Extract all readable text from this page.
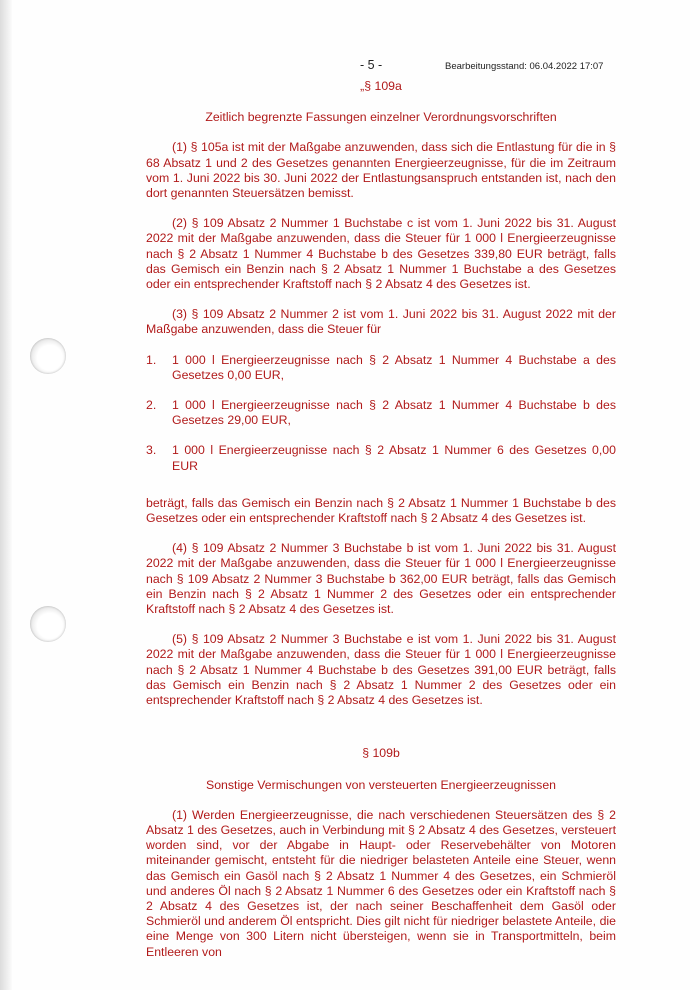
- 5 -	Bearbeitungsstand: 06.04.2022 17:07
„§ 109a
Zeitlich begrenzte Fassungen einzelner Verordnungsvorschriften

(1) § 105a ist mit der Maßgabe anzuwenden, dass sich die Entlastung für die in § 68 Absatz 1 und 2 des Gesetzes genannten Energieerzeugnisse, für die im Zeitraum vom 1. Juni 2022 bis 30. Juni 2022 der Entlastungsanspruch entstanden ist, nach den dort genannten Steuersätzen bemisst.

(2) § 109 Absatz 2 Nummer 1 Buchstabe c ist vom 1. Juni 2022 bis 31. August 2022 mit der Maßgabe anzuwenden, dass die Steuer für 1 000 l Energieerzeugnisse nach § 2 Absatz 1 Nummer 4 Buchstabe b des Gesetzes 339,80 EUR beträgt, falls das Gemisch ein Benzin nach § 2 Absatz 1 Nummer 1 Buchstabe a des Gesetzes oder ein entsprechender Kraftstoff nach § 2 Absatz 4 des Gesetzes ist.

(3) § 109 Absatz 2 Nummer 2 ist vom 1. Juni 2022 bis 31. August 2022 mit der Maßgabe anzuwenden, dass die Steuer für

1.	1 000 l Energieerzeugnisse nach § 2 Absatz 1 Nummer 4 Buchstabe a des Gesetzes 0,00 EUR,
2.	1 000 l Energieerzeugnisse nach § 2 Absatz 1 Nummer 4 Buchstabe b des Gesetzes 29,00 EUR,
3.	1 000 l Energieerzeugnisse nach § 2 Absatz 1 Nummer 6 des Gesetzes 0,00 EUR

beträgt, falls das Gemisch ein Benzin nach § 2 Absatz 1 Nummer 1 Buchstabe b des Gesetzes oder ein entsprechender Kraftstoff nach § 2 Absatz 4 des Gesetzes ist.

(4) § 109 Absatz 2 Nummer 3 Buchstabe b ist vom 1. Juni 2022 bis 31. August 2022 mit der Maßgabe anzuwenden, dass die Steuer für 1 000 l Energieerzeugnisse nach § 109 Absatz 2 Nummer 3 Buchstabe b 362,00 EUR beträgt, falls das Gemisch ein Benzin nach § 2 Absatz 1 Nummer 2 des Gesetzes oder ein entsprechender Kraftstoff nach § 2 Absatz 4 des Gesetzes ist.

(5) § 109 Absatz 2 Nummer 3 Buchstabe e ist vom 1. Juni 2022 bis 31. August 2022 mit der Maßgabe anzuwenden, dass die Steuer für 1 000 l Energieerzeugnisse nach § 2 Absatz 1 Nummer 4 Buchstabe b des Gesetzes 391,00 EUR beträgt, falls das Gemisch ein Benzin nach § 2 Absatz 1 Nummer 2 des Gesetzes oder ein entsprechender Kraftstoff nach § 2 Absatz 4 des Gesetzes ist.

§ 109b
Sonstige Vermischungen von versteuerten Energieerzeugnissen

(1) Werden Energieerzeugnisse, die nach verschiedenen Steuersätzen des § 2 Absatz 1 des Gesetzes, auch in Verbindung mit § 2 Absatz 4 des Gesetzes, versteuert worden sind, vor der Abgabe in Haupt- oder Reservebehälter von Motoren miteinander gemischt, entsteht für die niedriger belasteten Anteile eine Steuer, wenn das Gemisch ein Gasöl nach § 2 Absatz 1 Nummer 4 des Gesetzes, ein Schmieröl und anderes Öl nach § 2 Absatz 1 Nummer 6 des Gesetzes oder ein Kraftstoff nach § 2 Absatz 4 des Gesetzes ist, der nach seiner Beschaffenheit dem Gasöl oder Schmieröl und anderem Öl entspricht. Dies gilt nicht für niedriger belastete Anteile, die eine Menge von 300 Litern nicht übersteigen, wenn sie in Transportmitteln, beim Entleeren von
